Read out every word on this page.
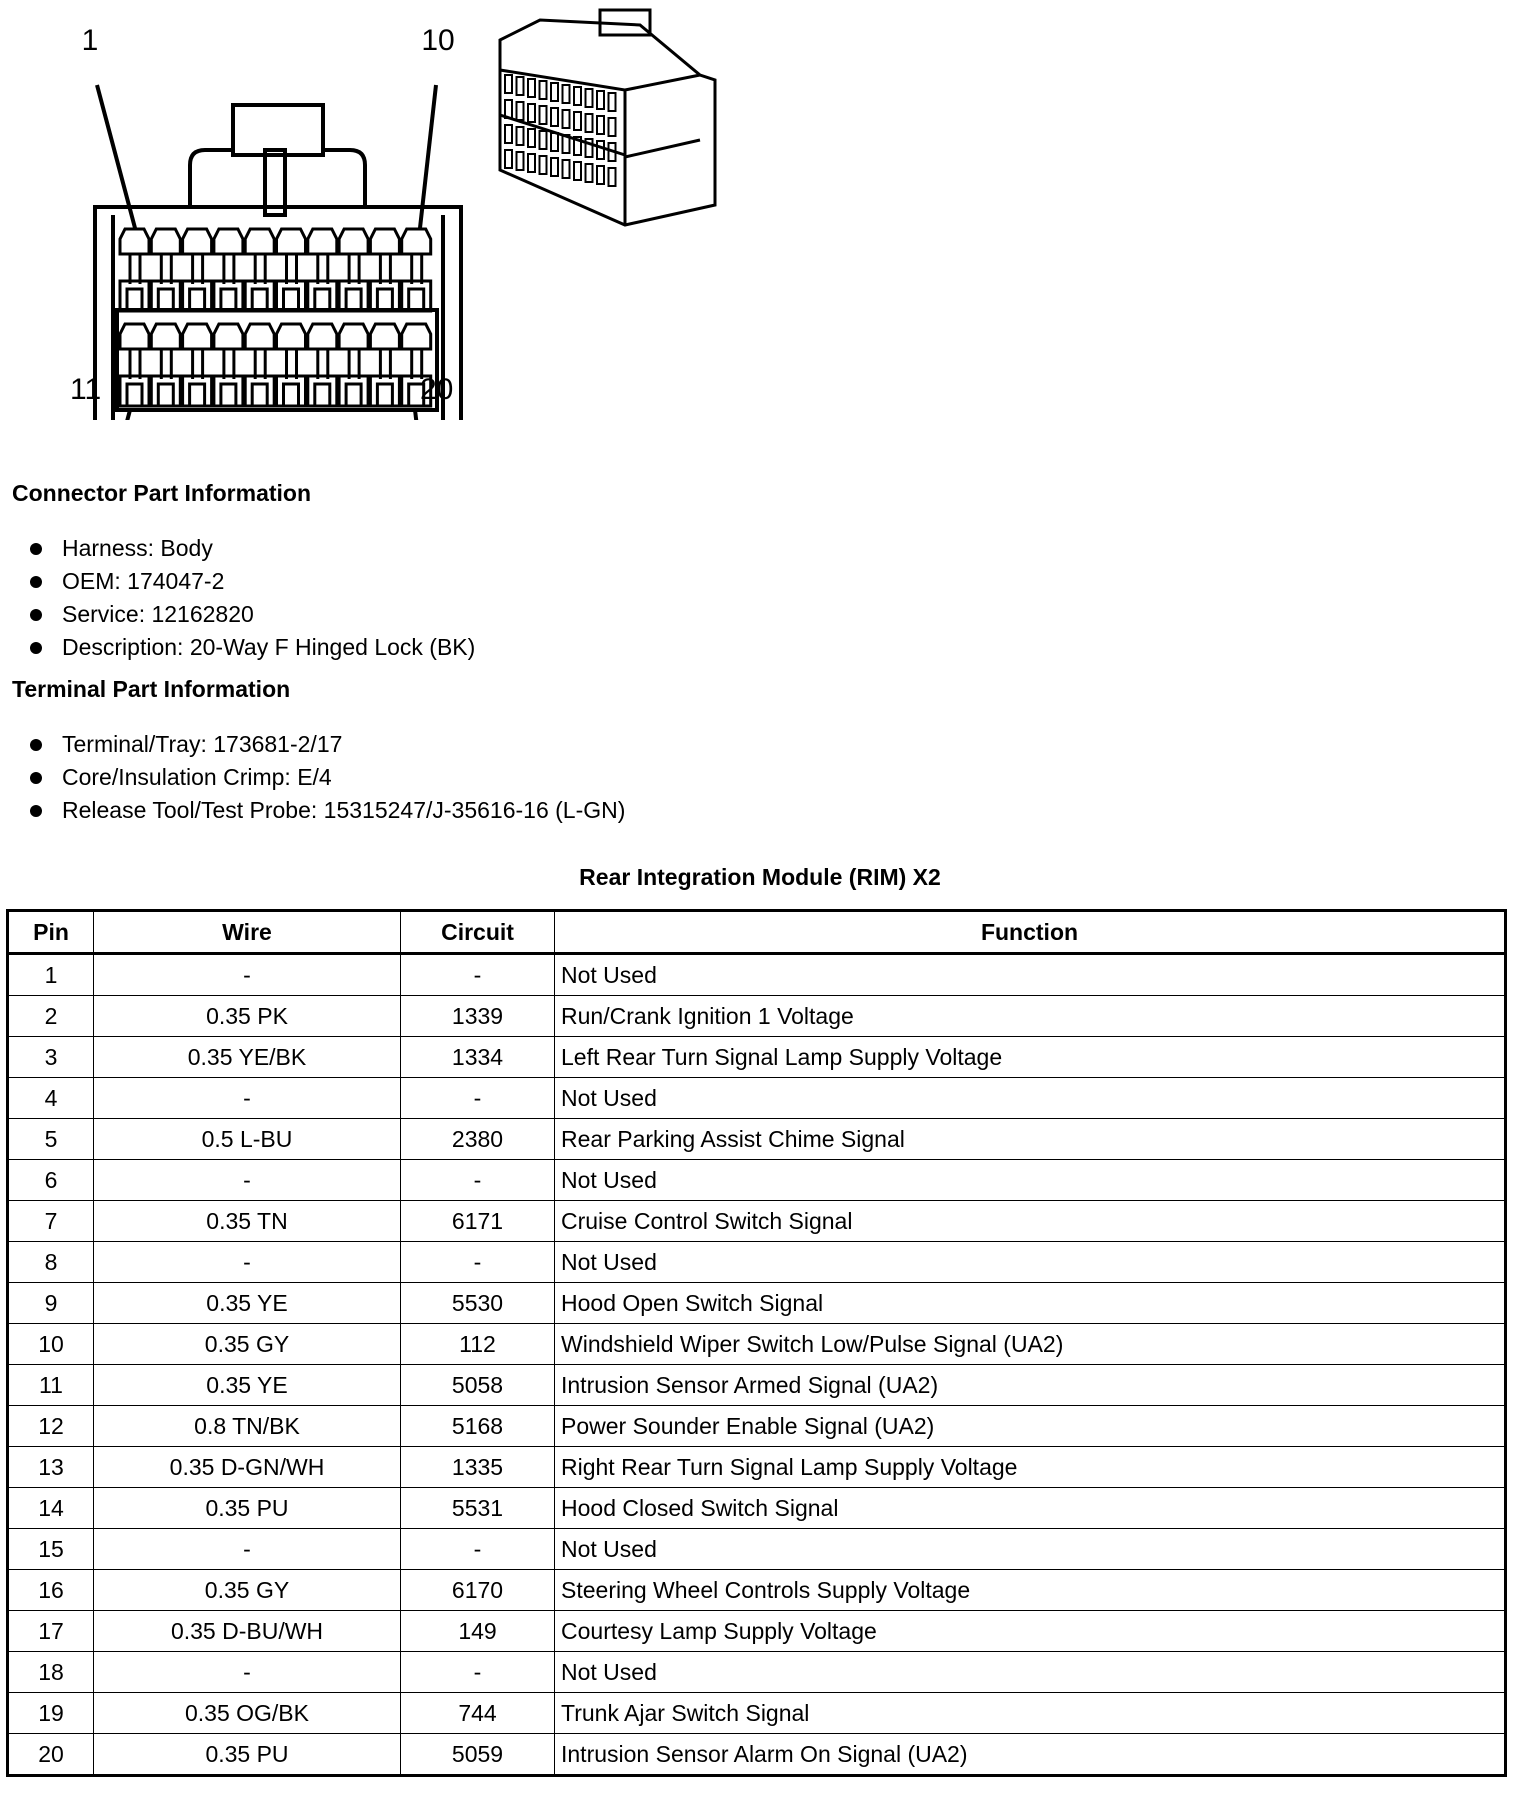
1	10
11	20
Connector Part Information
Harness: Body
OEM: 174047-2
Service: 12162820
Description: 20-Way F Hinged Lock (BK)
Terminal Part Information
Terminal/Tray: 173681-2/17
Core/Insulation Crimp: E/4
Release Tool/Test Probe: 15315247/J-35616-16 (L-GN)
Rear Integration Module (RIM) X2
Pin	Wire	Circuit	Function
1	-	-	Not Used
2	0.35 PK	1339	Run/Crank Ignition 1 Voltage
3	0.35 YE/BK	1334	Left Rear Turn Signal Lamp Supply Voltage
4	-	-	Not Used
5	0.5 L-BU	2380	Rear Parking Assist Chime Signal
6	-	-	Not Used
7	0.35 TN	6171	Cruise Control Switch Signal
8	-	-	Not Used
9	0.35 YE	5530	Hood Open Switch Signal
10	0.35 GY	112	Windshield Wiper Switch Low/Pulse Signal (UA2)
11	0.35 YE	5058	Intrusion Sensor Armed Signal (UA2)
12	0.8 TN/BK	5168	Power Sounder Enable Signal (UA2)
13	0.35 D-GN/WH	1335	Right Rear Turn Signal Lamp Supply Voltage
14	0.35 PU	5531	Hood Closed Switch Signal
15	-	-	Not Used
16	0.35 GY	6170	Steering Wheel Controls Supply Voltage
17	0.35 D-BU/WH	149	Courtesy Lamp Supply Voltage
18	-	-	Not Used
19	0.35 OG/BK	744	Trunk Ajar Switch Signal
20	0.35 PU	5059	Intrusion Sensor Alarm On Signal (UA2)
